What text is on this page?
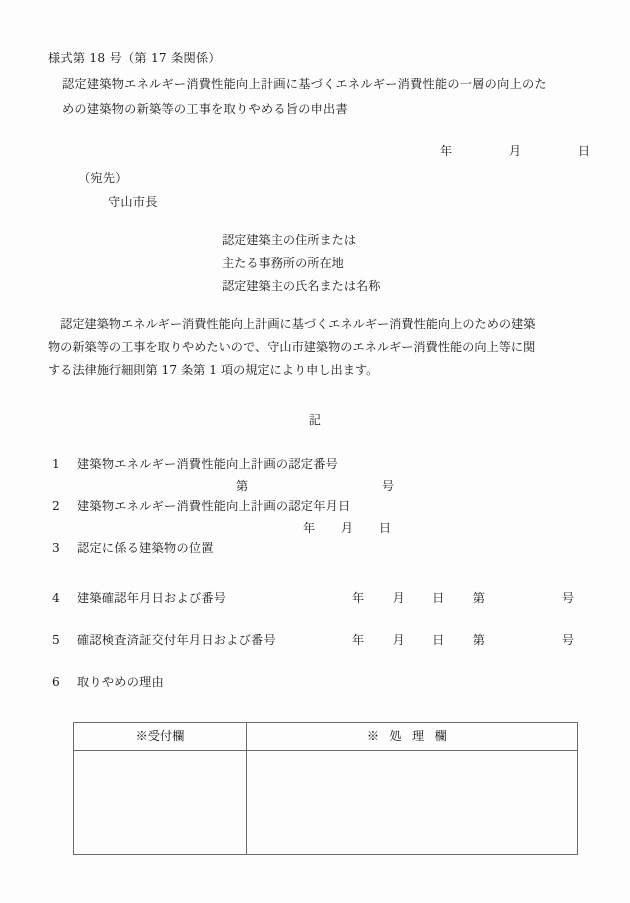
様式第 18 号（第 17 条関係）
認定建築物エネルギー消費性能向上計画に基づくエネルギー消費性能の一層の向上のた
めの建築物の新築等の工事を取りやめる旨の申出書
年	月	日
（宛先）
守山市長
認定建築主の住所または
主たる事務所の所在地
認定建築主の氏名または名称
　認定建築物エネルギー消費性能向上計画に基づくエネルギー消費性能向上のための建築
物の新築等の工事を取りやめたいので、守山市建築物のエネルギー消費性能の向上等に関
する法律施行細則第 17 条第 1 項の規定により申し出ます。
記
1 建築物エネルギー消費性能向上計画の認定番号
第	号
2 建築物エネルギー消費性能向上計画の認定年月日
年 月 日
3 認定に係る建築物の位置
4 建築確認年月日および番号	年	月	日	第	号
5 確認検査済証交付年月日および番号	年	月	日	第	号
6 取りやめの理由
※受付欄	※処理欄
